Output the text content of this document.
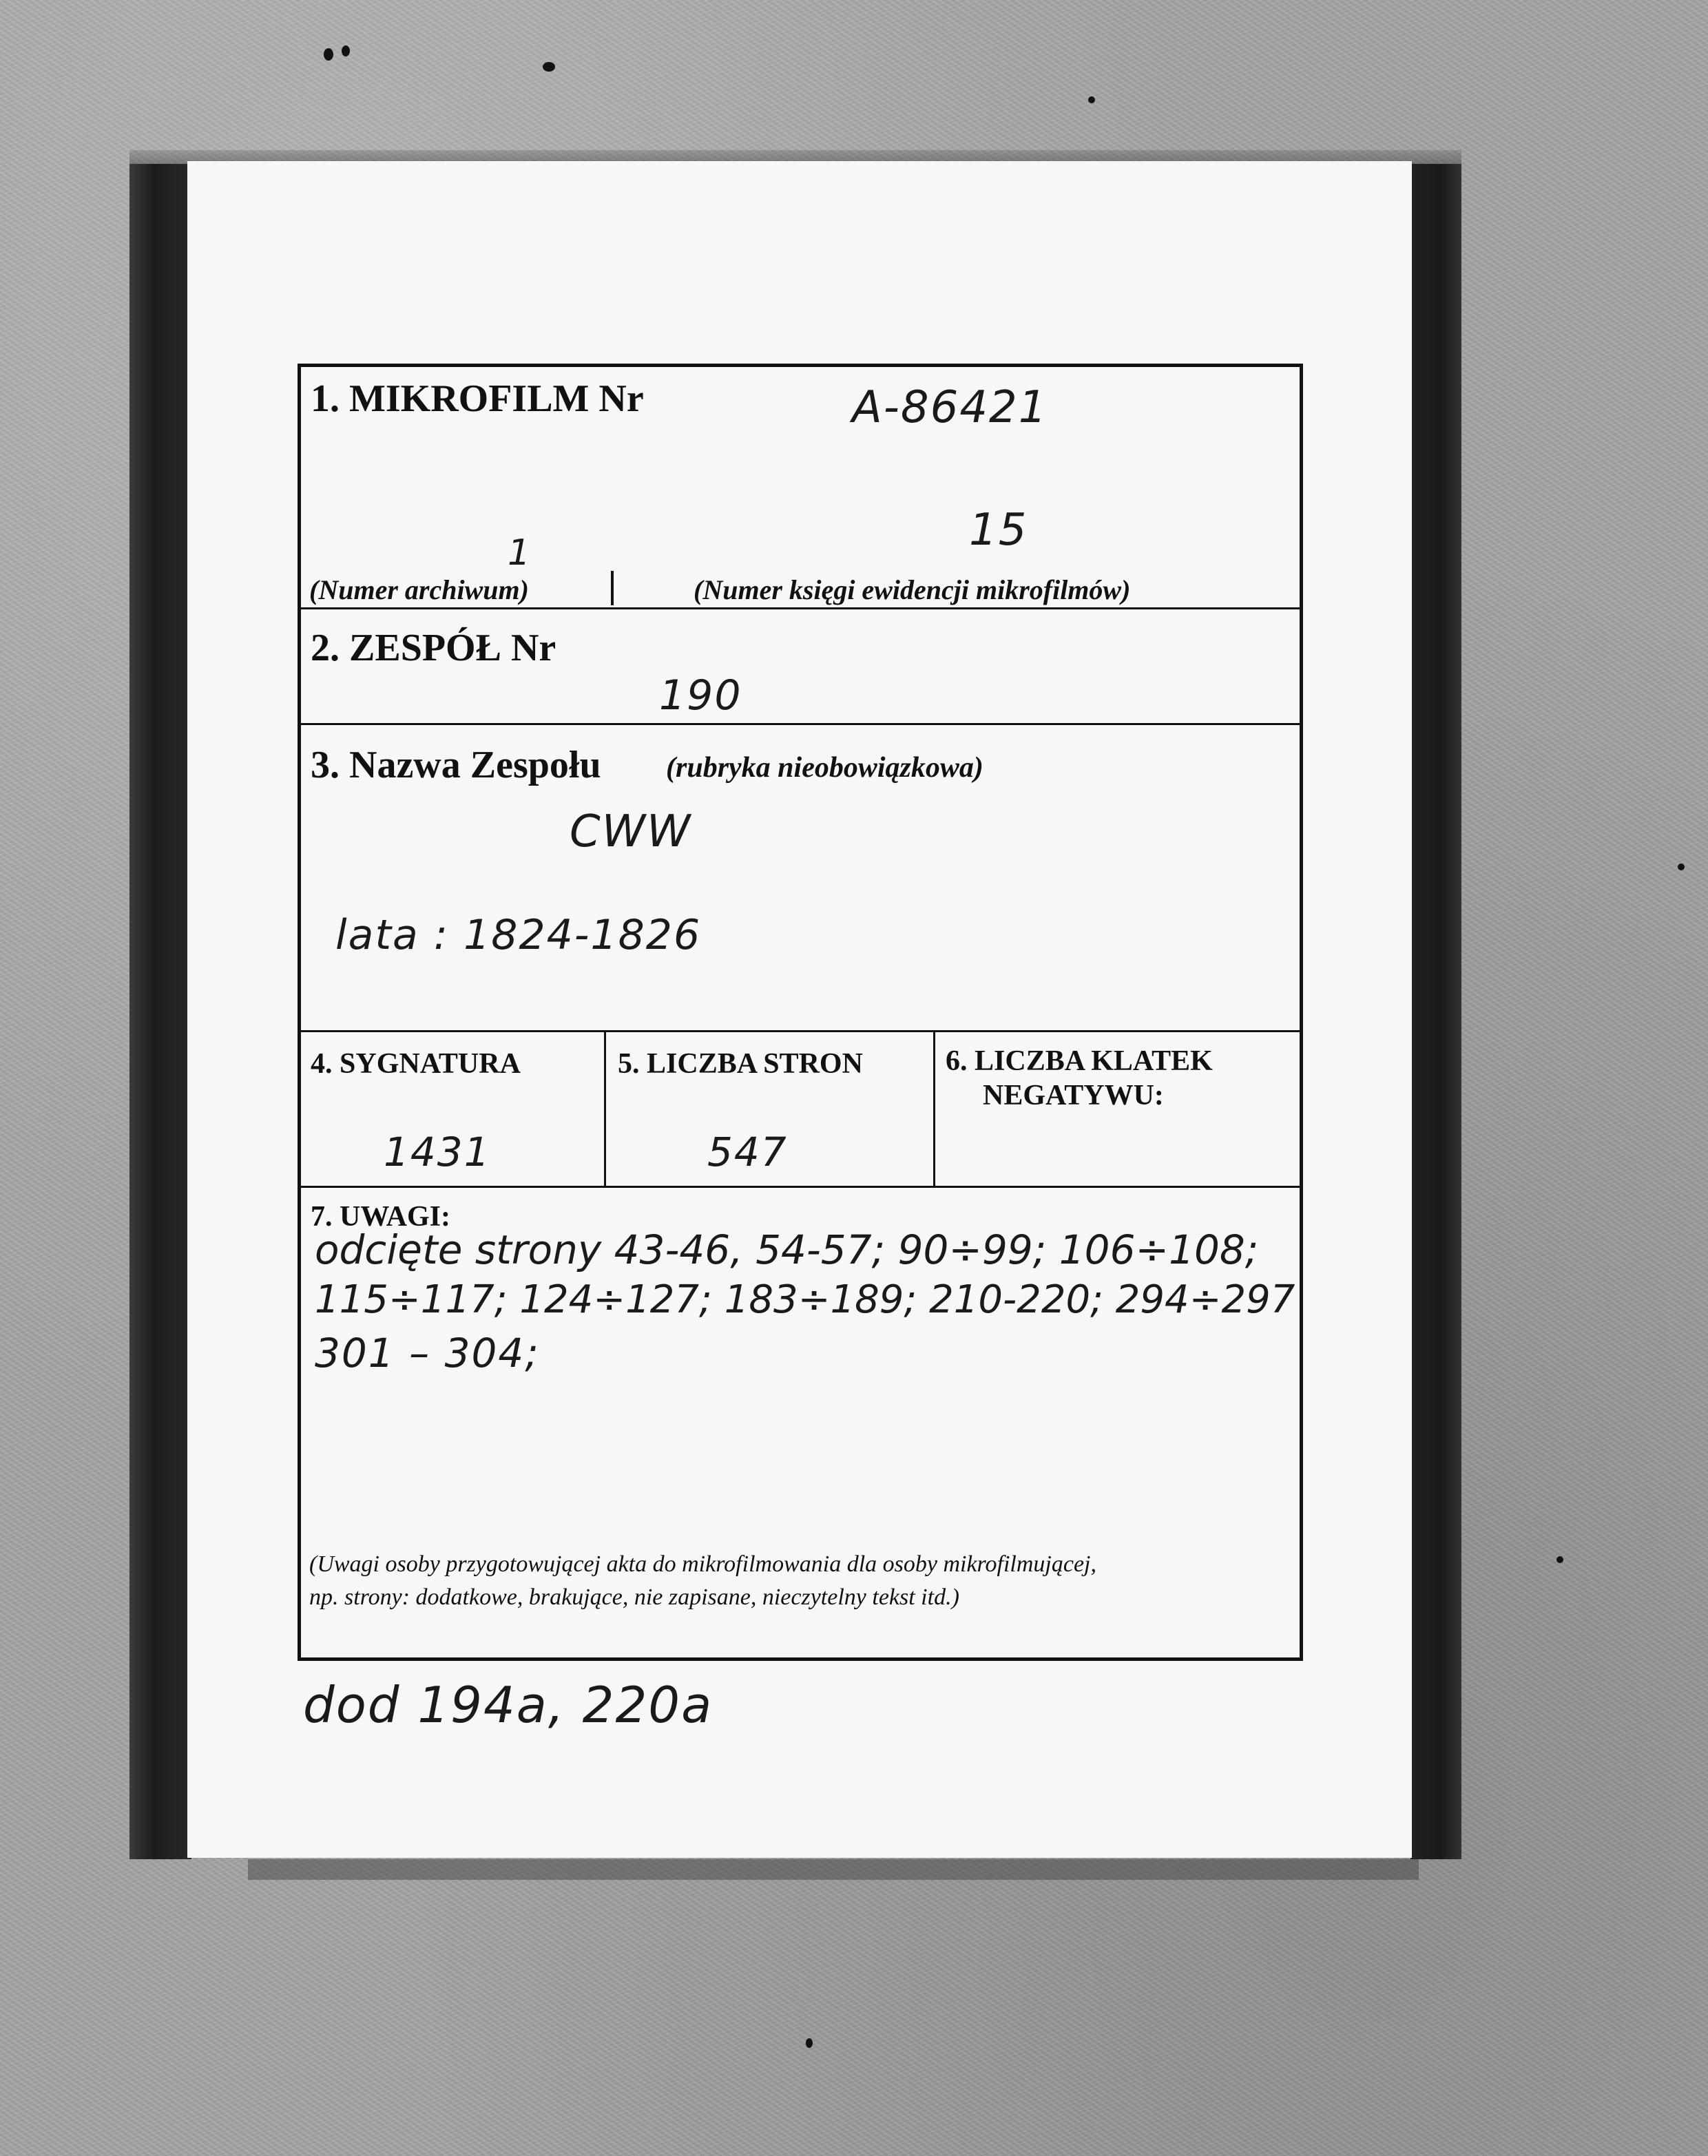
1. MIKROFILM Nr	A-86421
1	15
(Numer archiwum)	(Numer księgi ewidencji mikrofilmów)
2. ZESPÓŁ Nr
190
3. Nazwa Zespołu (rubryka nieobowiązkowa)
CWW
lata : 1824-1826
4. SYGNATURA
1431
5. LICZBA STRON
547
6. LICZBA KLATEK
NEGATYWU:
7. UWAGI:
odcięte strony 43-46, 54-57; 90÷99; 106÷108;
115÷117; 124÷127; 183÷189; 210-220; 294÷297
301 – 304;
(Uwagi osoby przygotowującej akta do mikrofilmowania dla osoby mikrofilmującej,
np. strony: dodatkowe, brakujące, nie zapisane, nieczytelny tekst itd.)
dod 194a, 220a
